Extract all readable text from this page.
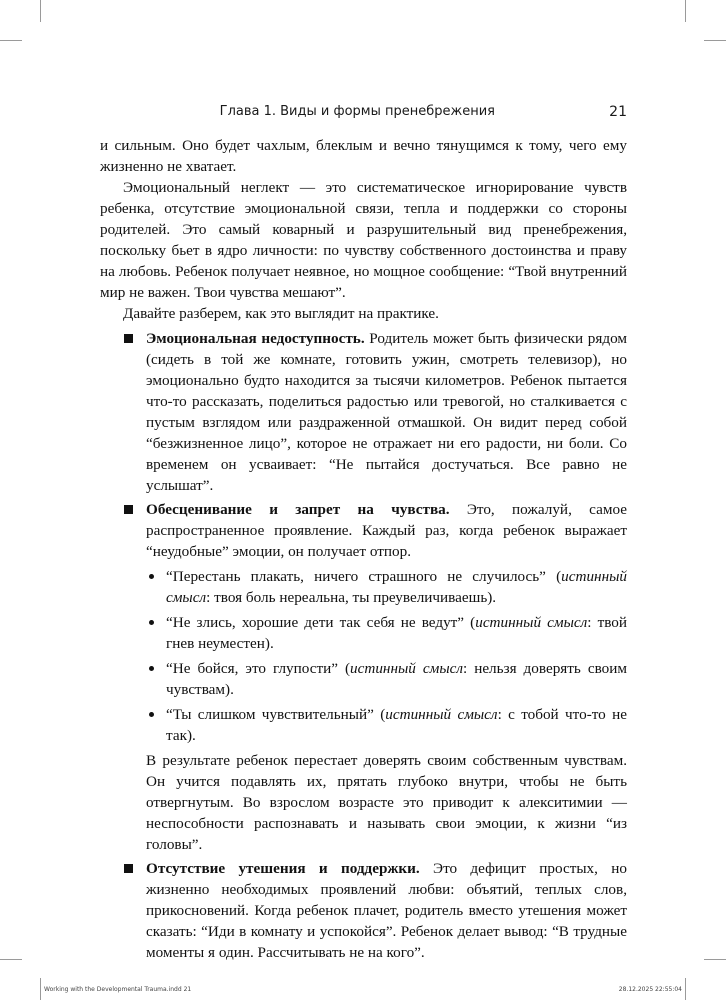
Глава 1. Виды и формы пренебрежения	21

и сильным. Оно будет чахлым, блеклым и вечно тянущимся к тому, чего ему жизненно не хватает.

Эмоциональный неглект — это систематическое игнорирование чувств ребенка, отсутствие эмоциональной связи, тепла и поддержки со стороны родителей. Это самый коварный и разрушительный вид пренебрежения, поскольку бьет в ядро личности: по чувству собственного достоинства и праву на любовь. Ребенок получает неявное, но мощное сообщение: “Твой внутренний мир не важен. Твои чувства мешают”.

Давайте разберем, как это выглядит на практике.

Эмоциональная недоступность. Родитель может быть физически рядом (сидеть в той же комнате, готовить ужин, смотреть телевизор), но эмоционально будто находится за тысячи километров. Ребенок пытается что-то рассказать, поделиться радостью или тревогой, но сталкивается с пустым взглядом или раздраженной отмашкой. Он видит перед собой “безжизненное лицо”, которое не отражает ни его радости, ни боли. Со временем он усваивает: “Не пытайся достучаться. Все равно не услышат”.
Обесценивание и запрет на чувства. Это, пожалуй, самое распространенное проявление. Каждый раз, когда ребенок выражает “неудобные” эмоции, он получает отпор.
“Перестань плакать, ничего страшного не случилось” (истинный смысл: твоя боль нереальна, ты преувеличиваешь).
“Не злись, хорошие дети так себя не ведут” (истинный смысл: твой гнев неуместен).
“Не бойся, это глупости” (истинный смысл: нельзя доверять своим чувствам).
“Ты слишком чувствительный” (истинный смысл: с тобой что-то не так).

В результате ребенок перестает доверять своим собственным чувствам. Он учится подавлять их, прятать глубоко внутри, чтобы не быть отвергнутым. Во взрослом возрасте это приводит к алекситимии — неспособности распознавать и называть свои эмоции, к жизни “из головы”.

Отсутствие утешения и поддержки. Это дефицит простых, но жизненно необходимых проявлений любви: объятий, теплых слов, прикосновений. Когда ребенок плачет, родитель вместо утешения может сказать: “Иди в комнату и успокойся”. Ребенок делает вывод: “В трудные моменты я один. Рассчитывать не на кого”.
Working with the Developmental Trauma.indd 21	28.12.2025 22:55:04
